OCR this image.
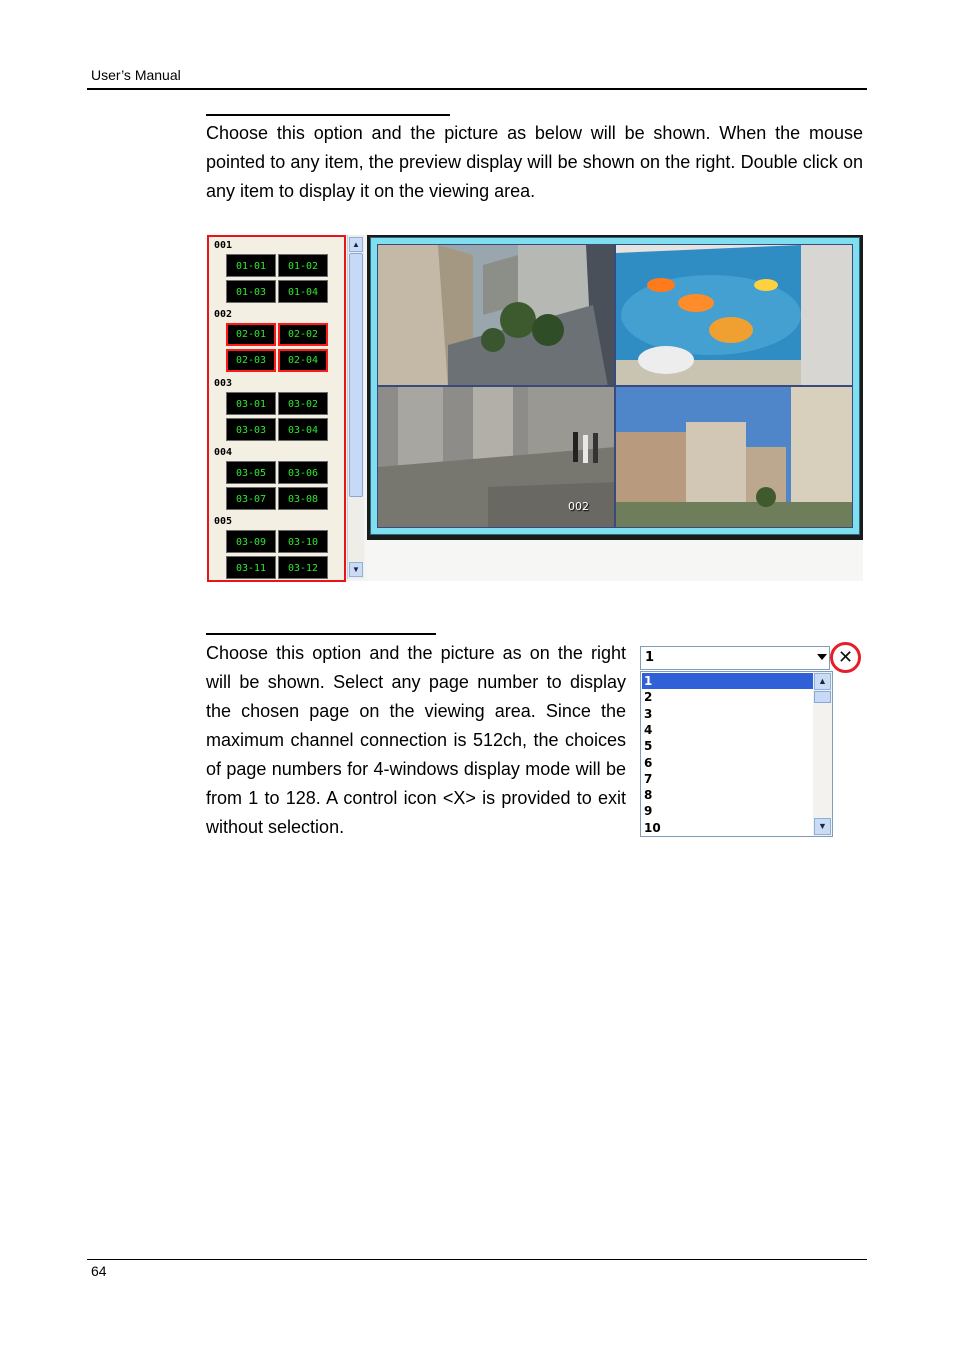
User’s Manual

Choose this option and the picture as below will be shown. When the mouse pointed to any item, the preview display will be shown on the right. Double click on any item to display it on the viewing area.

001
01-01	01-02
01-03	01-04
002
02-01	02-02
02-03	02-04
003
03-01	03-02
03-03	03-04
004
03-05	03-06
03-07	03-08
005
03-09	03-10
03-11	03-12
▲
▼
002

Choose this option and the picture as on the right will be shown. Select any page number to display the chosen page on the viewing area. Since the maximum channel connection is 512ch, the choices of page numbers for 4-windows display mode will be from 1 to 128. A control icon <X> is provided to exit without selection.

1	✕
▲
▼
1
2
3
4
5
6
7
8
9
10
64
